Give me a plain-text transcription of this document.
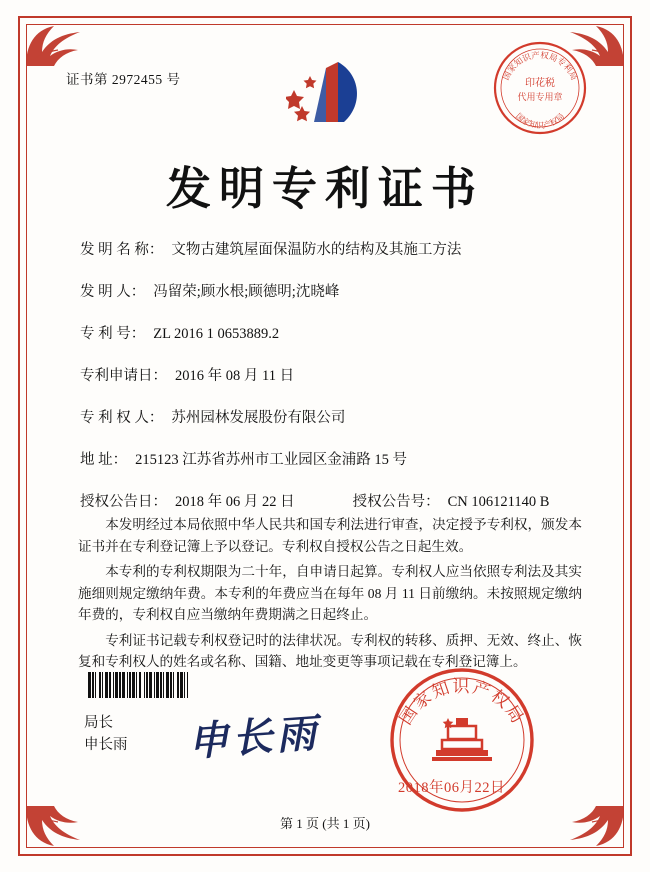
证书第 2972455 号	国家知识产权局专利局
印花税
代用专用章
国家知识产权局
发明专利证书
发 明 名 称： 文物古建筑屋面保温防水的结构及其施工方法
发 明 人： 冯留荣;顾水根;顾德明;沈晓峰
专 利 号： ZL 2016 1 0653889.2
专利申请日： 2016 年 08 月 11 日
专 利 权 人： 苏州园林发展股份有限公司
地 址： 215123 江苏省苏州市工业园区金浦路 15 号
授权公告日： 2018 年 06 月 22 日	授权公告号： CN 106121140 B

本发明经过本局依照中华人民共和国专利法进行审查，决定授予专利权，颁发本证书并在专利登记簿上予以登记。专利权自授权公告之日起生效。

本专利的专利权期限为二十年，自申请日起算。专利权人应当依照专利法及其实施细则规定缴纳年费。本专利的年费应当在每年 08 月 11 日前缴纳。未按照规定缴纳年费的，专利权自应当缴纳年费期满之日起终止。

专利证书记载专利权登记时的法律状况。专利权的转移、质押、无效、终止、恢复和专利权人的姓名或名称、国籍、地址变更等事项记载在专利登记簿上。

局长
申长雨 申长雨	国家知识产权局
2018年06月22日
第 1 页 (共 1 页)
